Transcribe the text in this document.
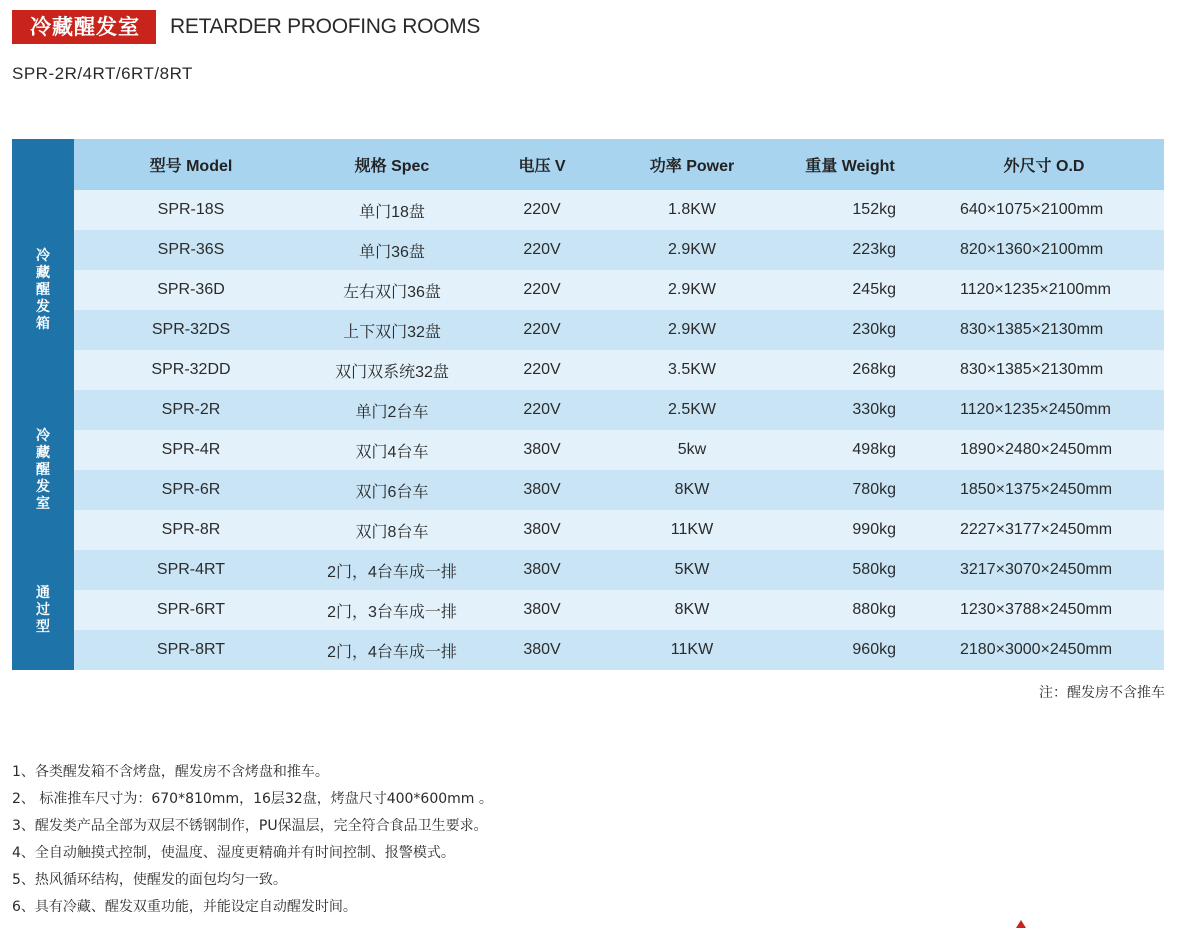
冷藏醒发室	RETARDER PROOFING ROOMS
SPR-2R/4RT/6RT/8RT
	型号 Model	规格 Spec	电压 V	功率 Power	重量 Weight	外尺寸 O.D

冷藏醒发箱	SPR-18S	单门18盘	220V	1.8KW	152kg	640×1075×2100mm
	SPR-36S	单门36盘	220V	2.9KW	223kg	820×1360×2100mm
	SPR-36D	左右双门36盘	220V	2.9KW	245kg	1120×1235×2100mm
	SPR-32DS	上下双门32盘	220V	2.9KW	230kg	830×1385×2130mm
	SPR-32DD	双门双系统32盘	220V	3.5KW	268kg	830×1385×2130mm

冷藏醒发室	SPR-2R	单门2台车	220V	2.5KW	330kg	1120×1235×2450mm
	SPR-4R	双门4台车	380V	5kw	498kg	1890×2480×2450mm
	SPR-6R	双门6台车	380V	8KW	780kg	1850×1375×2450mm
	SPR-8R	双门8台车	380V	11KW	990kg	2227×3177×2450mm

通过型	SPR-4RT	2门，4台车成一排	380V	5KW	580kg	3217×3070×2450mm
	SPR-6RT	2门，3台车成一排	380V	8KW	880kg	1230×3788×2450mm
	SPR-8RT	2门，4台车成一排	380V	11KW	960kg	2180×3000×2450mm
注：醒发房不含推车
1、各类醒发箱不含烤盘，醒发房不含烤盘和推车。
2、 标准推车尺寸为：670*810mm，16层32盘，烤盘尺寸400*600mm 。
3、醒发类产品全部为双层不锈钢制作，PU保温层，完全符合食品卫生要求。
4、全自动触摸式控制，使温度、湿度更精确并有时间控制、报警模式。
5、热风循环结构，使醒发的面包均匀一致。
6、具有冷藏、醒发双重功能，并能设定自动醒发时间。
